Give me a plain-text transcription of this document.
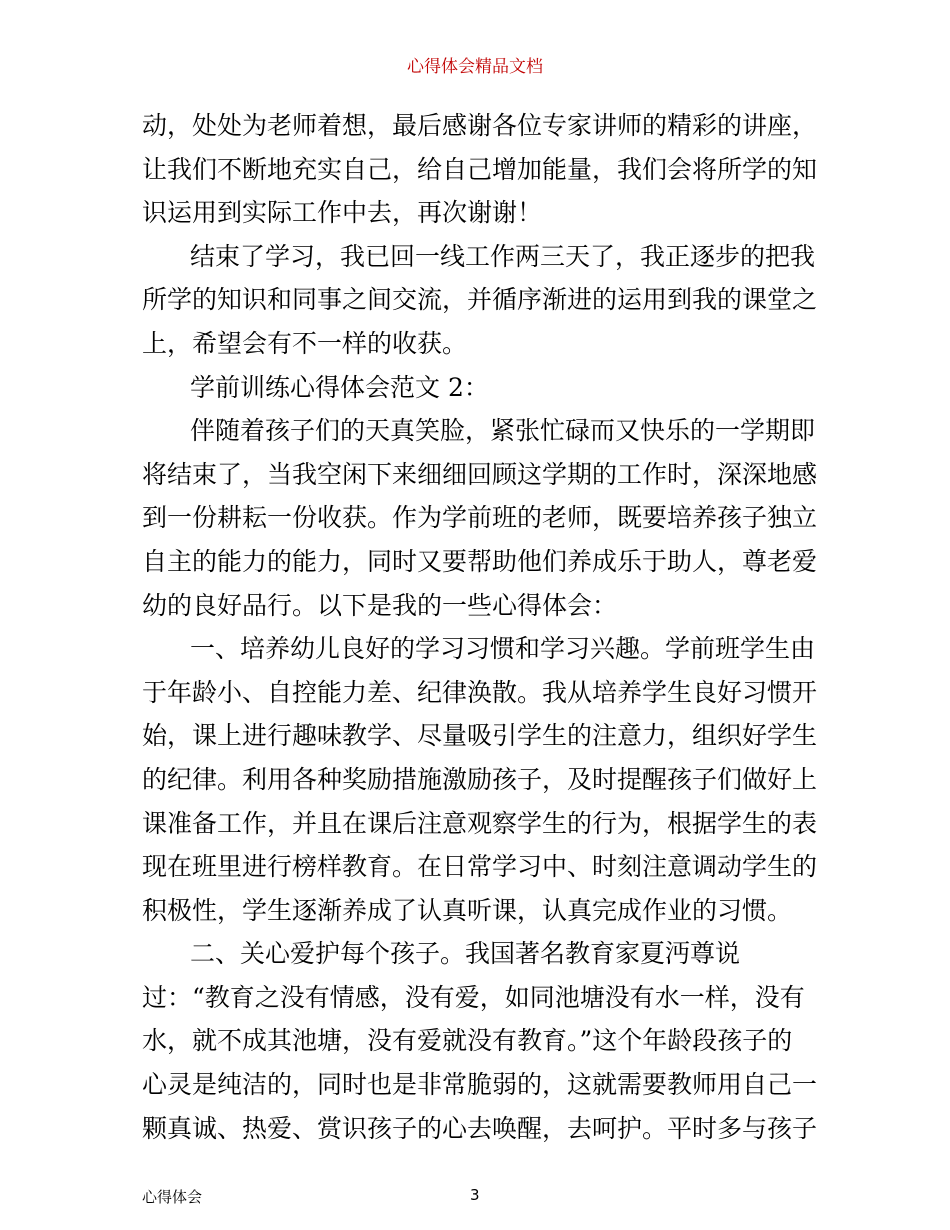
心得体会精品文档
动，处处为老师着想，最后感谢各位专家讲师的精彩的讲座，
让我们不断地充实自己，给自己增加能量，我们会将所学的知
识运用到实际工作中去，再次谢谢！
结束了学习，我已回一线工作两三天了，我正逐步的把我
所学的知识和同事之间交流，并循序渐进的运用到我的课堂之
上，希望会有不一样的收获。
学前训练心得体会范文 2：
伴随着孩子们的天真笑脸，紧张忙碌而又快乐的一学期即
将结束了，当我空闲下来细细回顾这学期的工作时，深深地感
到一份耕耘一份收获。作为学前班的老师，既要培养孩子独立
自主的能力的能力，同时又要帮助他们养成乐于助人，尊老爱
幼的良好品行。以下是我的一些心得体会：
一、培养幼儿良好的学习习惯和学习兴趣。学前班学生由
于年龄小、自控能力差、纪律涣散。我从培养学生良好习惯开
始，课上进行趣味教学、尽量吸引学生的注意力，组织好学生
的纪律。利用各种奖励措施激励孩子，及时提醒孩子们做好上
课准备工作，并且在课后注意观察学生的行为，根据学生的表
现在班里进行榜样教育。在日常学习中、时刻注意调动学生的
积极性，学生逐渐养成了认真听课，认真完成作业的习惯。
二、关心爱护每个孩子。我国著名教育家夏沔尊说
过：“教育之没有情感，没有爱，如同池塘没有水一样，没有
水，就不成其池塘，没有爱就没有教育。”这个年龄段孩子的
心灵是纯洁的，同时也是非常脆弱的，这就需要教师用自己一
颗真诚、热爱、赏识孩子的心去唤醒，去呵护。平时多与孩子
心得体会	3
